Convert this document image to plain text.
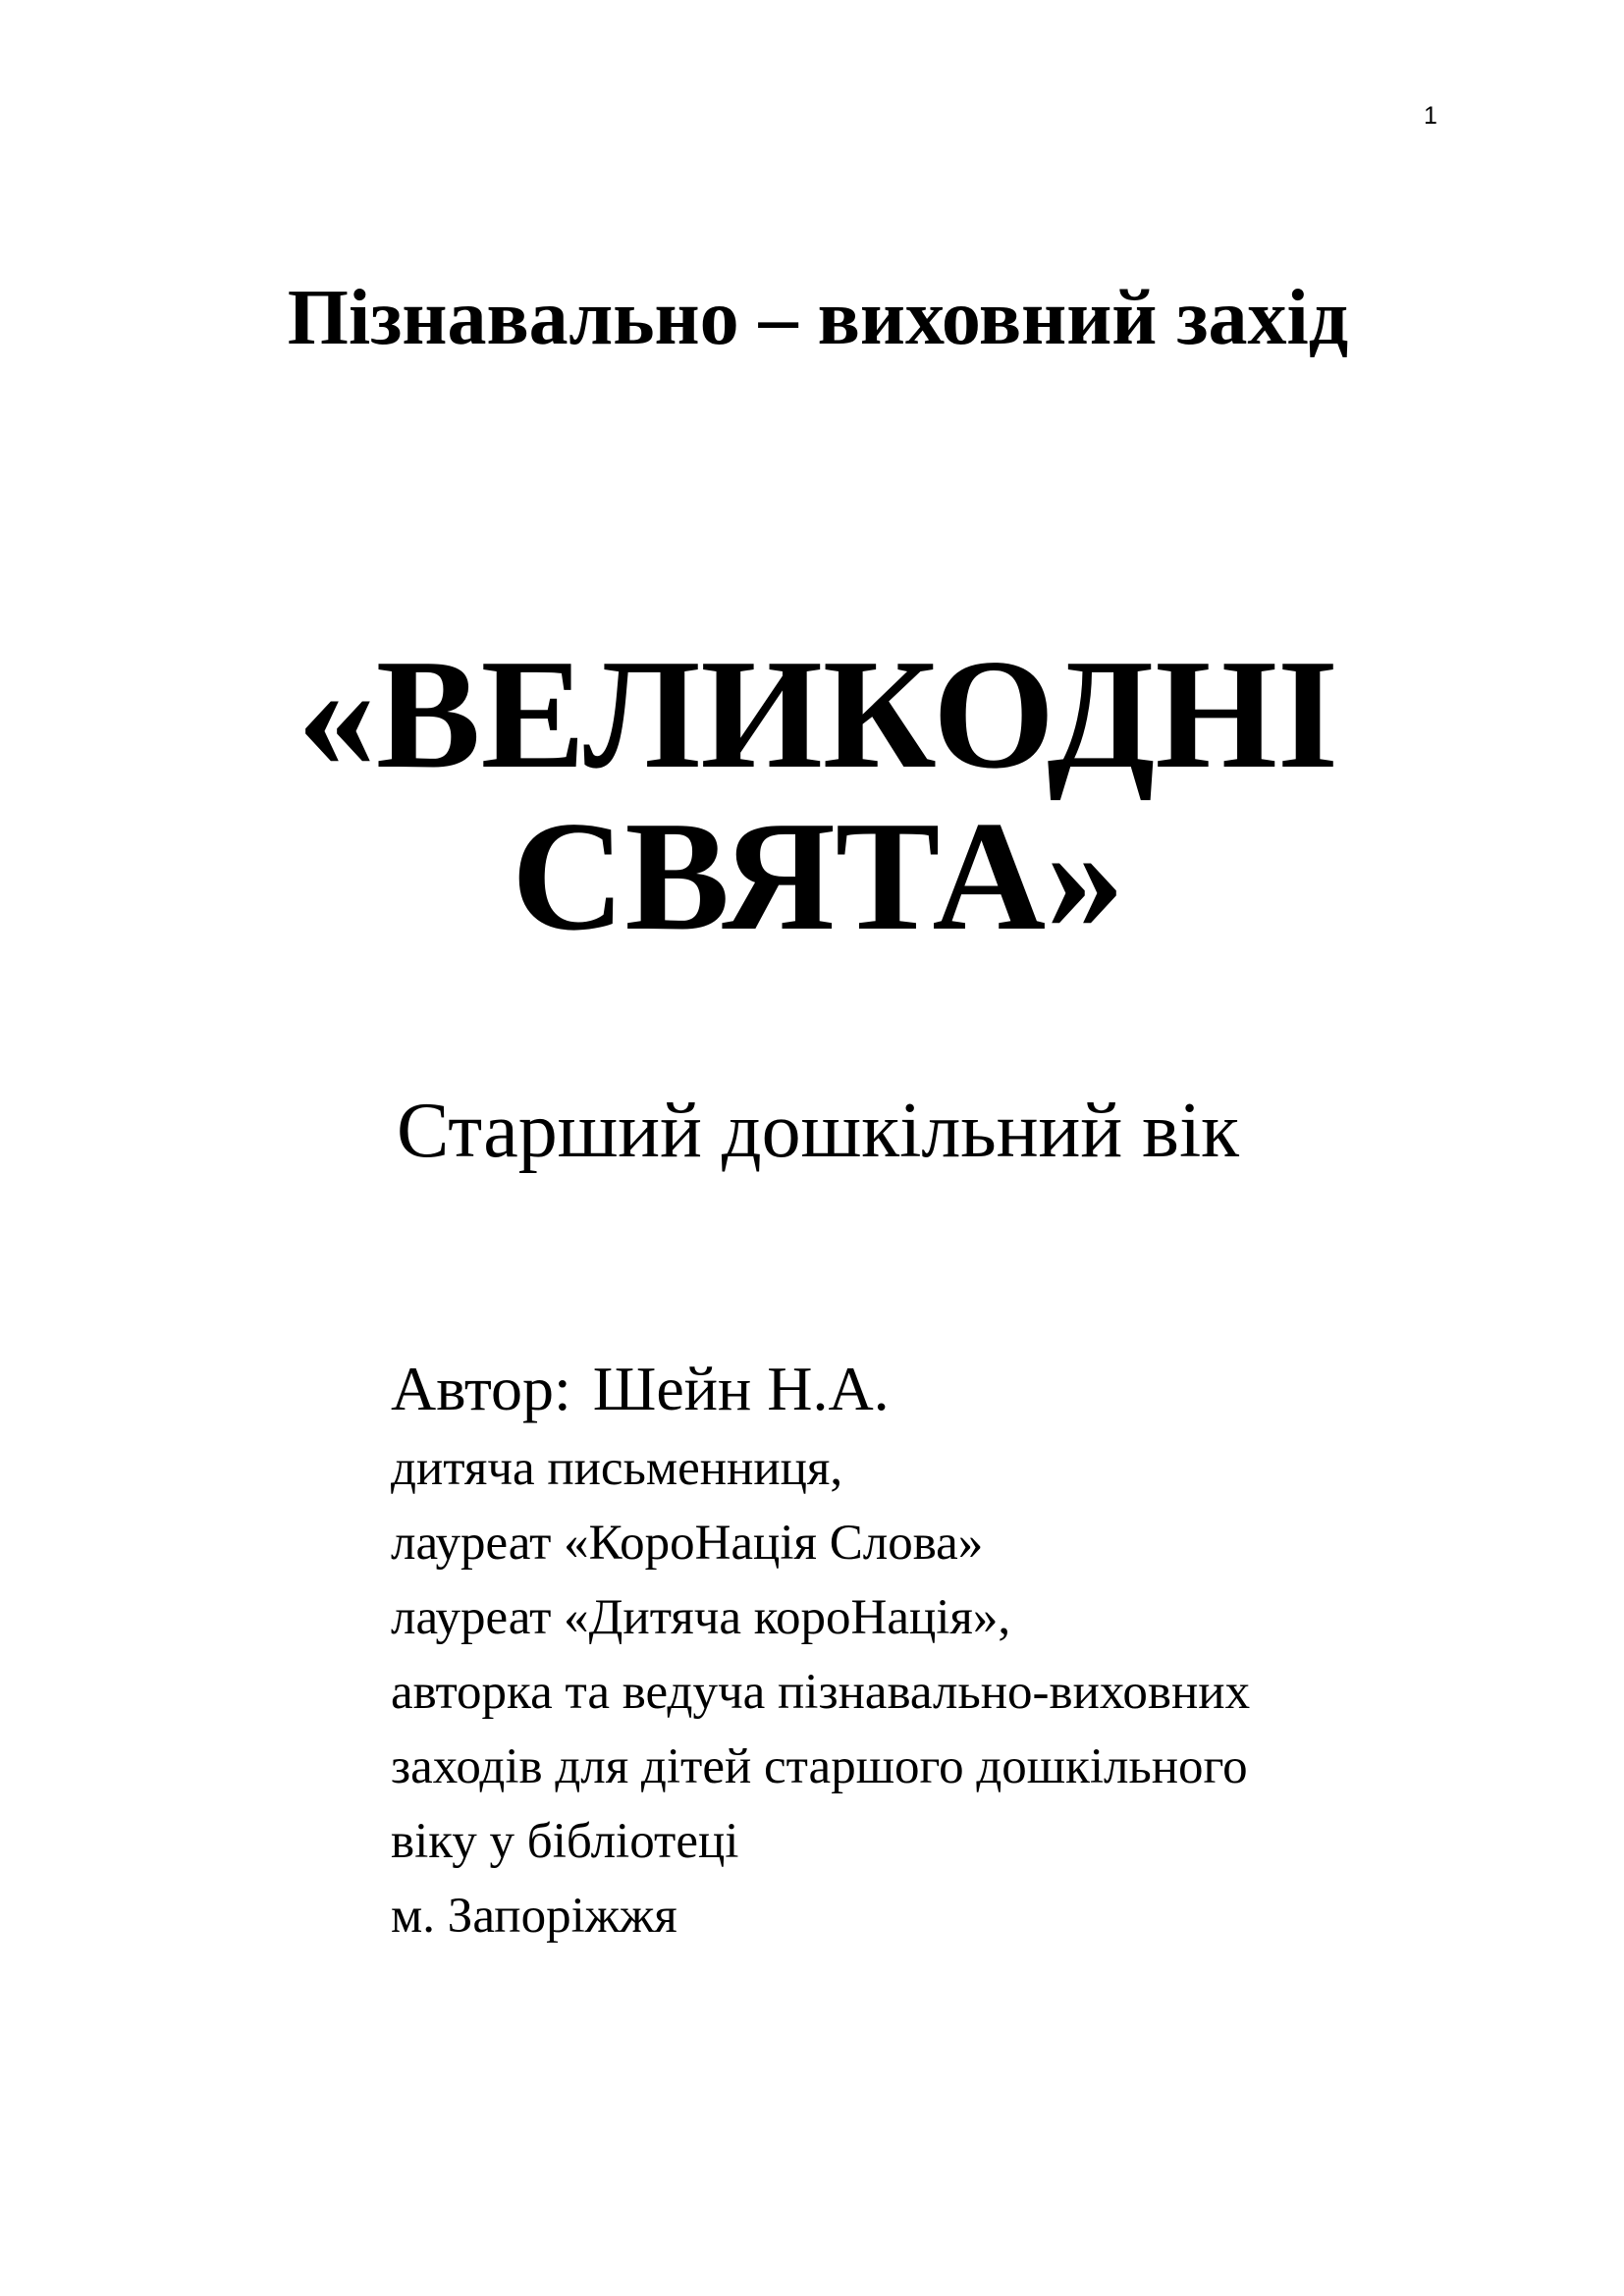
1
Пізнавально – виховний захід
«ВЕЛИКОДНІ
СВЯТА»
Старший дошкільний вік
Автор: Шейн Н.А.
дитяча письменниця,
лауреат «КороНація Слова»
лауреат «Дитяча короНація»,
авторка та ведуча пізнавально-виховних
заходів для дітей старшого дошкільного
віку у бібліотеці
м. Запоріжжя
